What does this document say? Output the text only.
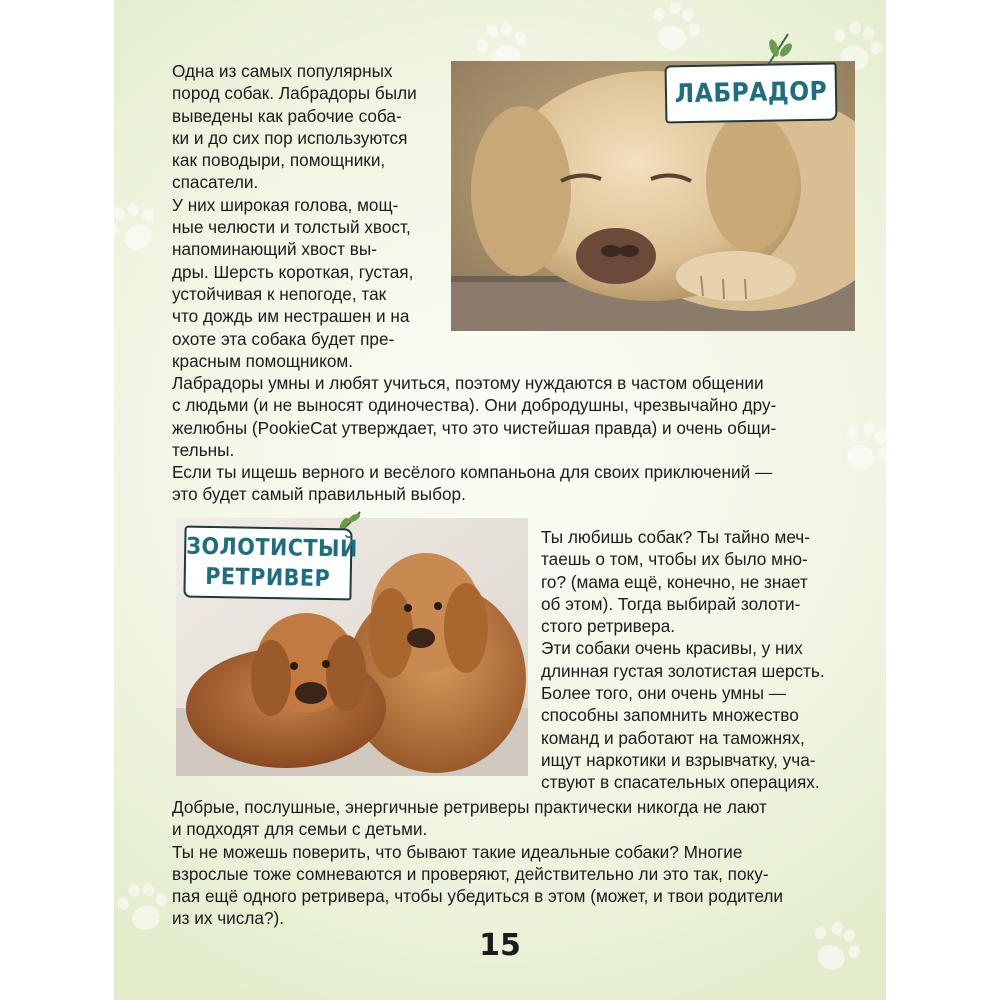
ЛАБРАДОР

Одна из самых популярных

пород собак. Лабрадоры были

выведены как рабочие соба-

ки и до сих пор используются

как поводыри, помощники,

спасатели.

У них широкая голова, мощ-

ные челюсти и толстый хвост,

напоминающий хвост вы-

дры. Шерсть короткая, густая,

устойчивая к непогоде, так

что дождь им нестрашен и на

охоте эта собака будет пре-

красным помощником.

Лабрадоры умны и любят учиться, поэтому нуждаются в частом общении

с людьми (и не выносят одиночества). Они добродушны, чрезвычайно дру-

желюбны (PookieCat утверждает, что это чистейшая правда) и очень общи-

тельны.

Если ты ищешь верного и весёлого компаньона для своих приключений —

это будет самый правильный выбор.

ЗОЛОТИСТЫЙ
РЕТРИВЕР

Ты любишь собак? Ты тайно меч-

таешь о том, чтобы их было мно-

го? (мама ещё, конечно, не знает

об этом). Тогда выбирай золоти-

стого ретривера.

Эти собаки очень красивы, у них

длинная густая золотистая шерсть.

Более того, они очень умны —

способны запомнить множество

команд и работают на таможнях,

ищут наркотики и взрывчатку, уча-

ствуют в спасательных операциях.

Добрые, послушные, энергичные ретриверы практически никогда не лают

и подходят для семьи с детьми.

Ты не можешь поверить, что бывают такие идеальные собаки? Многие

взрослые тоже сомневаются и проверяют, действительно ли это так, поку-

пая ещё одного ретривера, чтобы убедиться в этом (может, и твои родители

из их числа?).

15
